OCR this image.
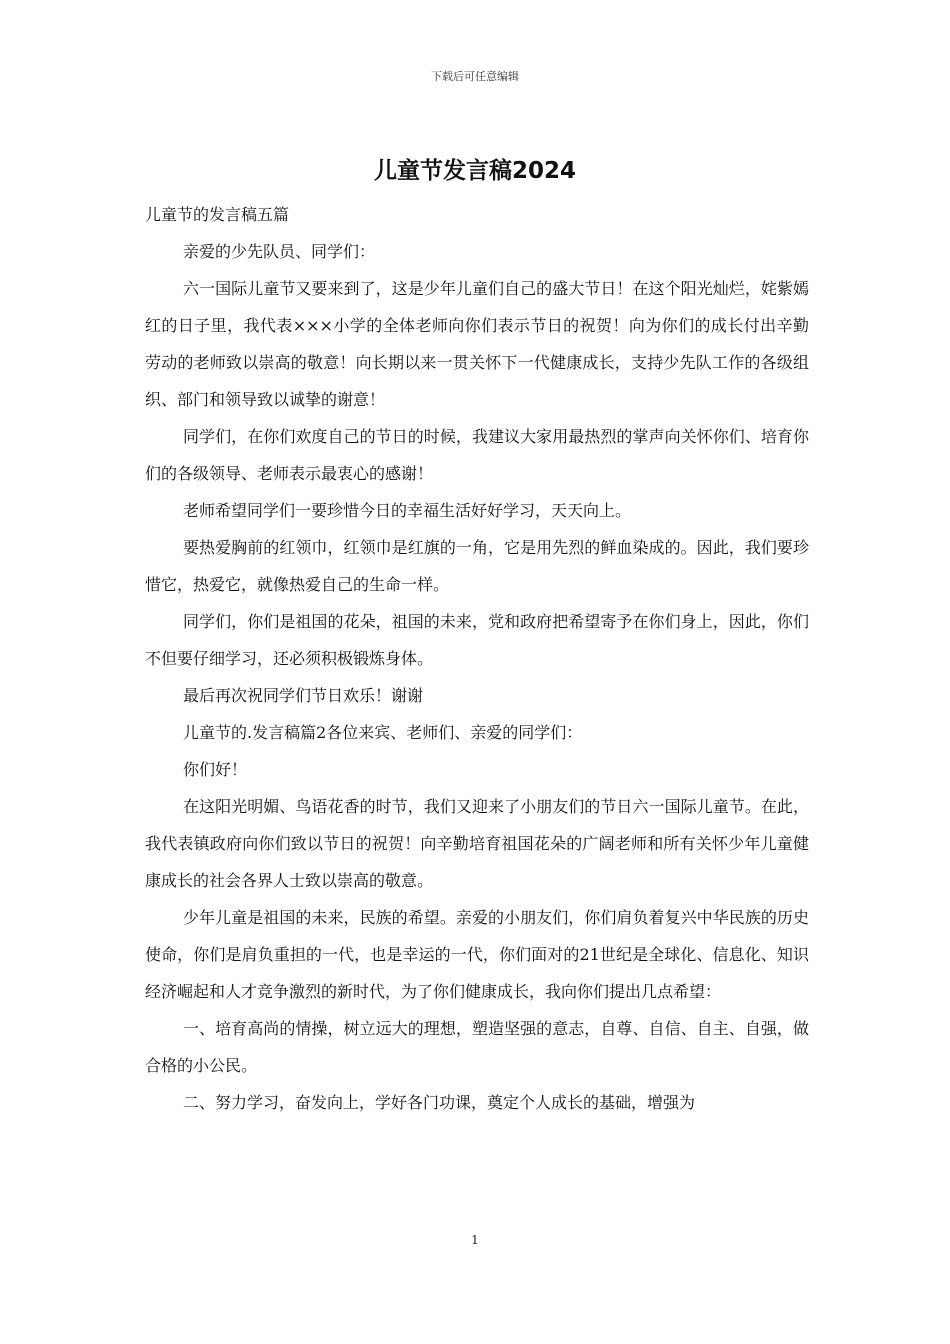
下载后可任意编辑
儿童节发言稿2024

儿童节的发言稿五篇

亲爱的少先队员、同学们：

六一国际儿童节又要来到了，这是少年儿童们自己的盛大节日！在这个阳光灿烂，姹紫嫣红的日子里，我代表×××小学的全体老师向你们表示节日的祝贺！向为你们的成长付出辛勤劳动的老师致以崇高的敬意！向长期以来一贯关怀下一代健康成长，支持少先队工作的各级组织、部门和领导致以诚挚的谢意！

同学们，在你们欢度自己的节日的时候，我建议大家用最热烈的掌声向关怀你们、培育你们的各级领导、老师表示最衷心的感谢！

老师希望同学们一要珍惜今日的幸福生活好好学习，天天向上。

要热爱胸前的红领巾，红领巾是红旗的一角，它是用先烈的鲜血染成的。因此，我们要珍惜它，热爱它，就像热爱自己的生命一样。

同学们，你们是祖国的花朵，祖国的未来，党和政府把希望寄予在你们身上，因此，你们不但要仔细学习，还必须积极锻炼身体。

最后再次祝同学们节日欢乐！谢谢

儿童节的.发言稿篇2各位来宾、老师们、亲爱的同学们：

你们好！

在这阳光明媚、鸟语花香的时节，我们又迎来了小朋友们的节日六一国际儿童节。在此，我代表镇政府向你们致以节日的祝贺！向辛勤培育祖国花朵的广阔老师和所有关怀少年儿童健康成长的社会各界人士致以崇高的敬意。

少年儿童是祖国的未来，民族的希望。亲爱的小朋友们，你们肩负着复兴中华民族的历史使命，你们是肩负重担的一代，也是幸运的一代，你们面对的21世纪是全球化、信息化、知识经济崛起和人才竞争激烈的新时代，为了你们健康成长，我向你们提出几点希望：

一、培育高尚的情操，树立远大的理想，塑造坚强的意志，自尊、自信、自主、自强，做合格的小公民。

二、努力学习，奋发向上，学好各门功课，奠定个人成长的基础，增强为

1
